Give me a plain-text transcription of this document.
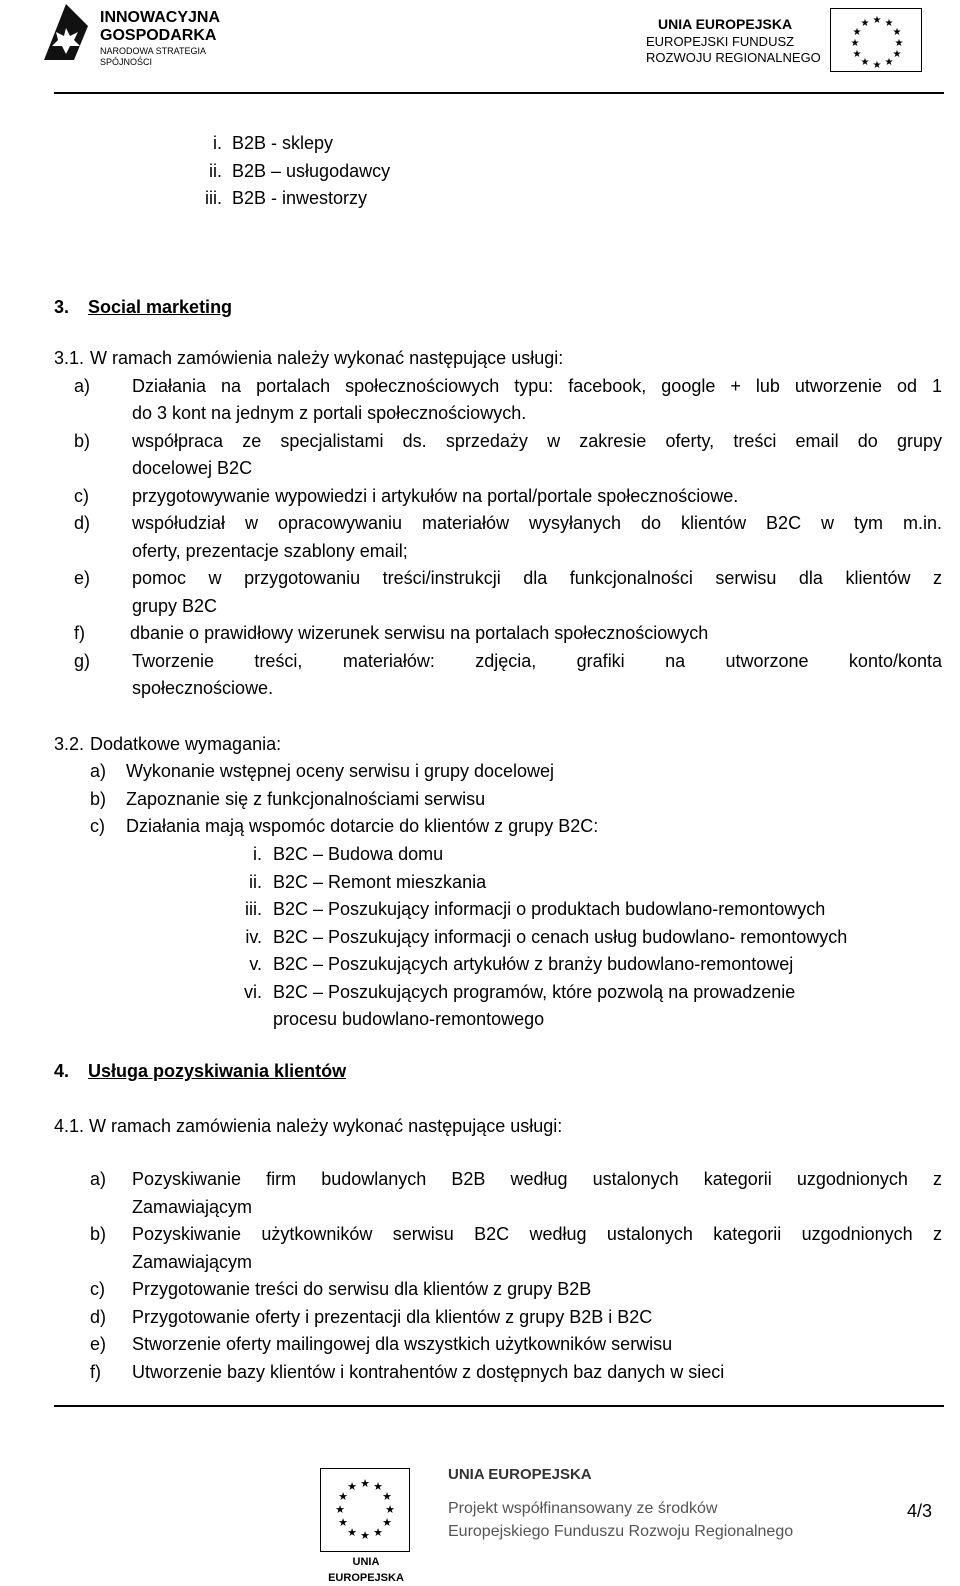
INNOWACYJNA
GOSPODARKA
NARODOWA STRATEGIA SPÓJNOŚCI
UNIA EUROPEJSKA
EUROPEJSKI FUNDUSZ
ROZWOJU REGIONALNEGO
★ ★
★
★
★
★
★
★
★
★
★
★
i. B2B - sklepy
ii. B2B – usługodawcy
iii. B2B - inwestorzy
3. Social marketing
3.1. W ramach zamówienia należy wykonać następujące usługi:
a) Działania na portalach społecznościowych typu: facebook, google + lub utworzenie od 1
do 3 kont na jednym z portali społecznościowych.
b) współpraca ze specjalistami ds. sprzedaży w zakresie oferty, treści email do grupy
docelowej B2C
c) przygotowywanie wypowiedzi i artykułów na portal/portale społecznościowe.
d) współudział w opracowywaniu materiałów wysyłanych do klientów B2C w tym m.in.
oferty, prezentacje szablony email;
e) pomoc w przygotowaniu treści/instrukcji dla funkcjonalności serwisu dla klientów z
grupy B2C
f)	dbanie o prawidłowy wizerunek serwisu na portalach społecznościowych
g) Tworzenie treści, materiałów: zdjęcia, grafiki na utworzone konto/konta
społecznościowe.
3.2. Dodatkowe wymagania:
a) Wykonanie wstępnej oceny serwisu i grupy docelowej
b) Zapoznanie się z funkcjonalnościami serwisu
c) Działania mają wspomóc dotarcie do klientów z grupy B2C:
i. B2C – Budowa domu
ii. B2C – Remont mieszkania
iii. B2C – Poszukujący informacji o produktach budowlano-remontowych
iv. B2C – Poszukujący informacji o cenach usług budowlano- remontowych
v. B2C – Poszukujących artykułów z branży budowlano-remontowej
vi. B2C – Poszukujących programów, które pozwolą na prowadzenie
procesu budowlano-remontowego
4. Usługa pozyskiwania klientów
4.1. W ramach zamówienia należy wykonać następujące usługi:
a) Pozyskiwanie firm budowlanych B2B według ustalonych kategorii uzgodnionych z
Zamawiającym
b) Pozyskiwanie użytkowników serwisu B2C według ustalonych kategorii uzgodnionych z
Zamawiającym
c) Przygotowanie treści do serwisu dla klientów z grupy B2B
d) Przygotowanie oferty i prezentacji dla klientów z grupy B2B i B2C
e) Stworzenie oferty mailingowej dla wszystkich użytkowników serwisu
f) Utworzenie bazy klientów i kontrahentów z dostępnych baz danych w sieci
★ ★
★
★
★
★
★
★
★
★
★
★
UNIA EUROPEJSKA
UNIA EUROPEJSKA
Projekt współfinansowany ze środków
Europejskiego Funduszu Rozwoju Regionalnego
4/3
